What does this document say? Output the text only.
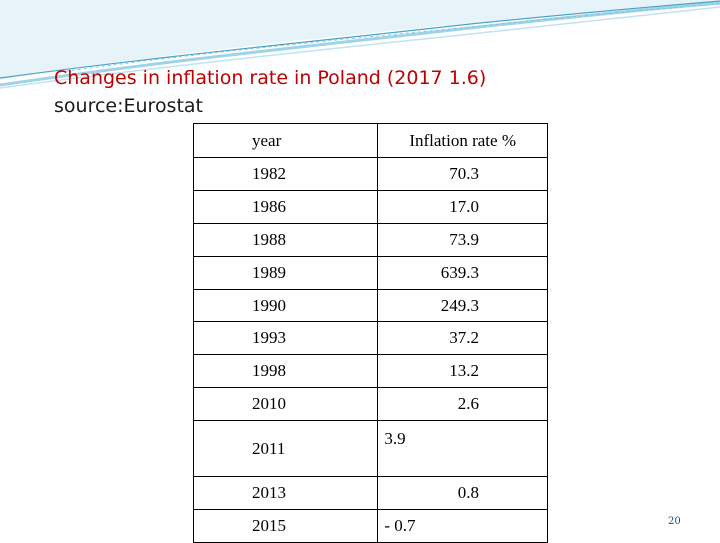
Changes in inflation rate in Poland (2017 1.6)
source:Eurostat
year	Inflation rate %
1982	70.3
1986	17.0
1988	73.9
1989	639.3
1990	249.3
1993	37.2
1998	13.2
2010	2.6
2011	3.9
2013	0.8
2015	- 0.7	20
